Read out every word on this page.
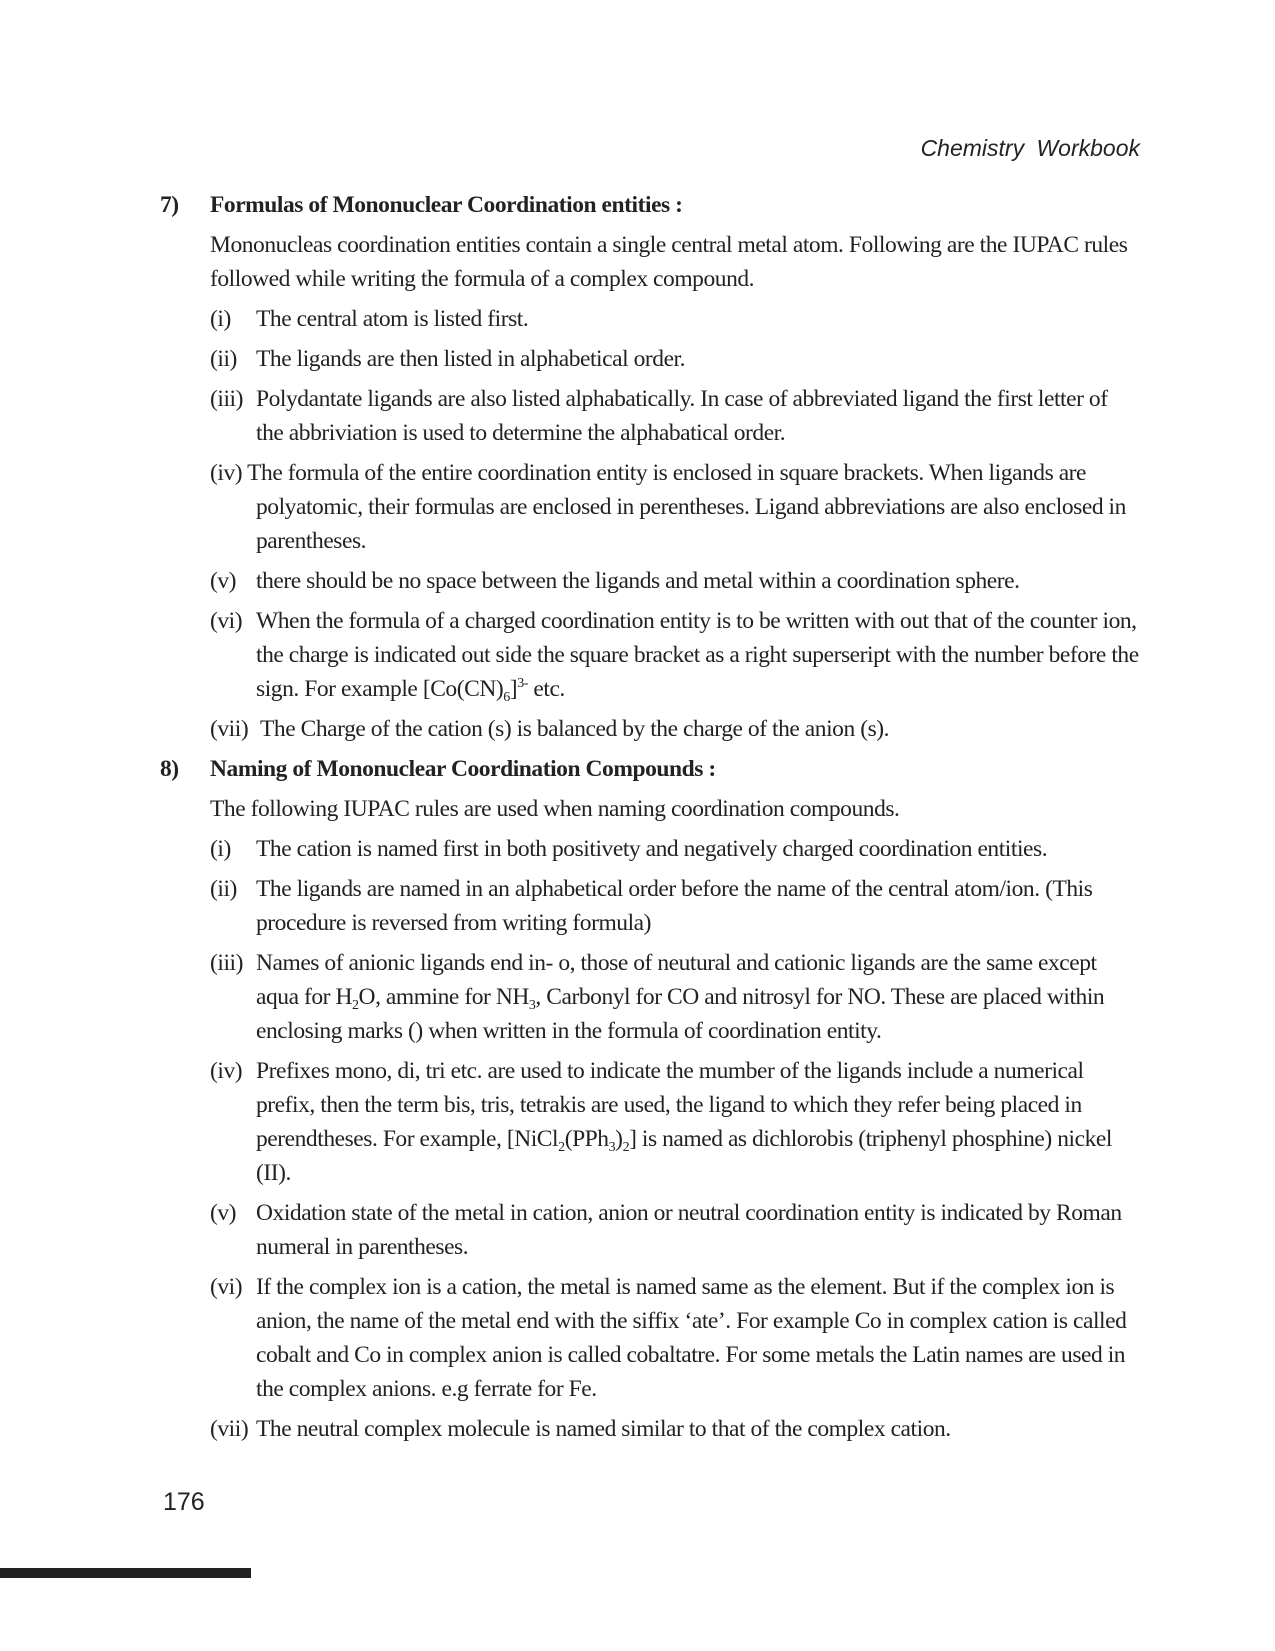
Chemistry Workbook
7) Formulas of Mononuclear Coordination entities :
Mononucleas coordination entities contain a single central metal atom. Following are the IUPAC rules followed while writing the formula of a complex compound.
(i) The central atom is listed first.
(ii) The ligands are then listed in alphabetical order.
(iii) Polydantate ligands are also listed alphabatically. In case of abbreviated ligand the first letter of the abbriviation is used to determine the alphabatical order.
(iv) The formula of the entire coordination entity is enclosed in square brackets. When ligands are polyatomic, their formulas are enclosed in perentheses. Ligand abbreviations are also enclosed in parentheses.
(v) there should be no space between the ligands and metal within a coordination sphere.
(vi) When the formula of a charged coordination entity is to be written with out that of the counter ion, the charge is indicated out side the square bracket as a right superseript with the number before the sign. For example $[Co(CN)_6]^{3-}$ etc.
(vii) The Charge of the cation (s) is balanced by the charge of the anion (s).
8) Naming of Mononuclear Coordination Compounds :
The following IUPAC rules are used when naming coordination compounds.
(i) The cation is named first in both positivety and negatively charged coordination entities.
(ii) The ligands are named in an alphabetical order before the name of the central atom/ion. (This procedure is reversed from writing formula)
(iii) Names of anionic ligands end in- o, those of neutural and cationic ligands are the same except aqua for $H_2O$, ammine for $NH_3$, Carbonyl for CO and nitrosyl for NO. These are placed within enclosing marks () when written in the formula of coordination entity.
(iv) Prefixes mono, di, tri etc. are used to indicate the mumber of the ligands include a numerical prefix, then the term bis, tris, tetrakis are used, the ligand to which they refer being placed in perendtheses. For example, $[NiCl_2(PPh_3)_2]$ is named as dichlorobis (triphenyl phosphine) nickel (II).
(v) Oxidation state of the metal in cation, anion or neutral coordination entity is indicated by Roman numeral in parentheses.
(vi) If the complex ion is a cation, the metal is named same as the element. But if the complex ion is anion, the name of the metal end with the siffix ‘ate’. For example Co in complex cation is called cobalt and Co in complex anion is called cobaltatre. For some metals the Latin names are used in the complex anions. e.g ferrate for Fe.
(vii) The neutral complex molecule is named similar to that of the complex cation.
176
